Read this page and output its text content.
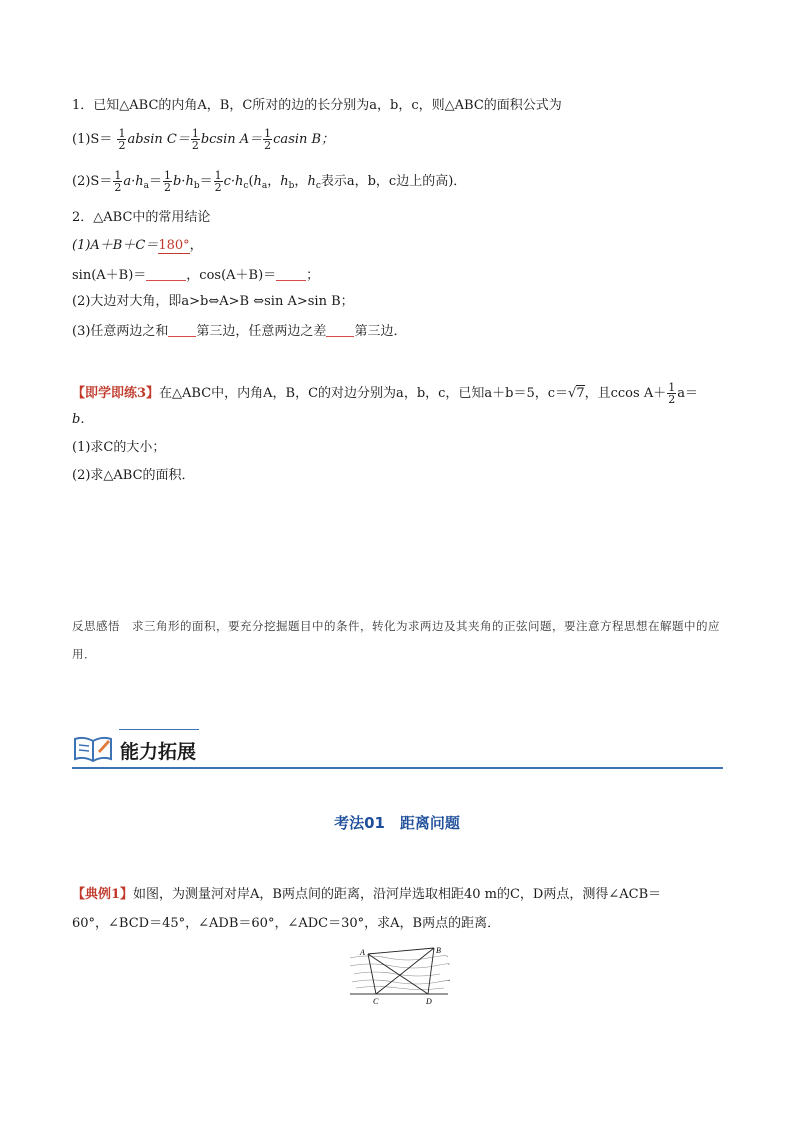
1．已知△ABC的内角A，B，C所对的边的长分别为a，b，c，则△ABC的面积公式为
$(1)S= \frac{1}{2}$ absin $C= \frac{1}{2}$ bcsin $A= \frac{1}{2}$ casin B；
$(2)S= \frac{1}{2} a\cdot h_a= \frac{1}{2} b\cdot h_b= \frac{1}{2} c\cdot h_c(h_a$，$h_b$，$h_c$表示a，b，c边上的高)．
2．△ABC中的常用结论
(1)A＋B＋C＝180°，
sin(A＋B)＝	，cos(A＋B)＝ ；
(2)大边对大角，即a>b⇔A>B ⇔sin A>sin B；
(3)任意两边之和 第三边，任意两边之差 第三边．
【即学即练3】在△ABC中，内角A，B，C的对边分别为a，b，c，已知a＋b＝5，c＝√7，且ccos $A+ \frac{1}{2} a=$
b.
(1)求C的大小；
(2)求△ABC的面积．
反思感悟　求三角形的面积，要充分挖掘题目中的条件，转化为求两边及其夹角的正弦问题，要注意方程思想在解题中的应用．
能力拓展
考法01　距离问题
【典例1】如图，为测量河对岸A，B两点间的距离，沿河岸选取相距40 m的C，D两点，测得∠ACB＝
60°，∠BCD＝45°，∠ADB＝60°，∠ADC＝30°，求A，B两点的距离．
A	B
C	D
